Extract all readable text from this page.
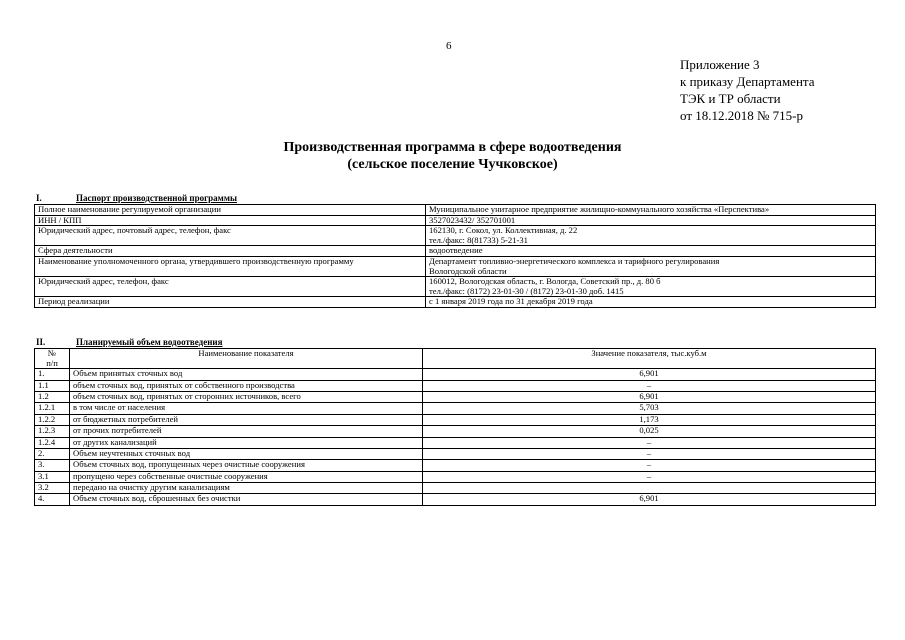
6
Приложение 3
к приказу Департамента
ТЭК и ТР области
от 18.12.2018 № 715-р
Производственная программа в сфере водоотведения
(сельское поселение Чучковское)
I.	Паспорт производственной программы
Полное наименование регулируемой организации	Муниципальное унитарное предприятие жилищно-коммунального хозяйства «Перспектива»

ИНН / КПП	3527023432/ 352701001

Юридический адрес, почтовый адрес, телефон, факс	162130, г. Сокол, ул. Коллективная, д. 22
тел./факс: 8(81733) 5-21-31

Сфера деятельности	водоотведение

Наименование уполномоченного органа, утвердившего производственную программу	Департамент топливно-энергетического комплекса и тарифного регулирования
Вологодской области

Юридический адрес, телефон, факс	160012, Вологодская область, г. Вологда, Советский пр., д. 80 б
тел./факс: (8172) 23-01-30 / (8172) 23-01-30 доб. 1415

Период реализации	с 1 января 2019 года по 31 декабря 2019 года
II.	Планируемый объем водоотведения
№
п/п	Наименование показателя	Значение показателя, тыс.куб.м
1.	Объем принятых сточных вод	6,901
1.1	объем сточных вод, принятых от собственного производства	–
1.2	объем сточных вод, принятых от сторонних источников, всего	6,901
1.2.1	в том числе от населения	5,703
1.2.2	от бюджетных потребителей	1,173
1.2.3	от прочих потребителей	0,025
1.2.4	от других канализаций	–
2.	Объем неучтенных сточных вод	–
3.	Объем сточных вод, пропущенных через очистные сооружения	–
3.1	пропущено через собственные очистные сооружения	–
3.2	передано на очистку другим канализациям	
4.	Объем сточных вод, сброшенных без очистки	6,901
